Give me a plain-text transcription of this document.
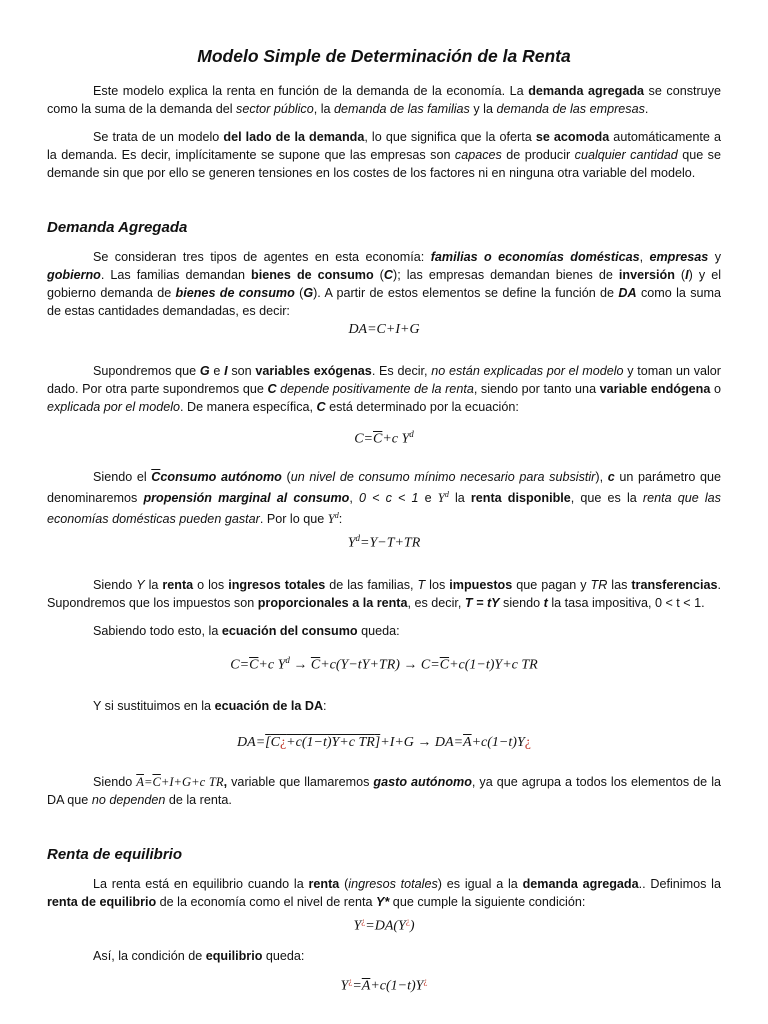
Modelo Simple de Determinación de la Renta

Este modelo explica la renta en función de la demanda de la economía. La demanda agregada se construye como la suma de la demanda del sector público, la demanda de las familias y la demanda de las empresas.

Se trata de un modelo del lado de la demanda, lo que significa que la oferta se acomoda automáticamente a la demanda. Es decir, implícitamente se supone que las empresas son capaces de producir cualquier cantidad que se demande sin que por ello se generen tensiones en los costes de los factores ni en ninguna otra variable del modelo.

Demanda Agregada

Se consideran tres tipos de agentes en esta economía: familias o economías domésticas, empresas y gobierno. Las familias demandan bienes de consumo (C); las empresas demandan bienes de inversión (I) y el gobierno demanda de bienes de consumo (G). A partir de estos elementos se define la función de DA como la suma de estas cantidades demandadas, es decir:

DA=C+I+G

Supondremos que G e I son variables exógenas. Es decir, no están explicadas por el modelo y toman un valor dado. Por otra parte supondremos que C depende positivamente de la renta, siendo por tanto una variable endógena o explicada por el modelo. De manera específica, C está determinado por la ecuación:

$C=\overline{C}+c$ $Y^d$

Siendo el $\overline{C}consumo$ autónomo (un nivel de consumo mínimo necesario para subsistir), c un parámetro que denominaremos propensión marginal al consumo, 0 < c < 1 e $Y^d$ la renta disponible, que es la renta que las economías domésticas pueden gastar. Por lo que $Y^d$:

$Y^d=Y-T+TR$

Siendo Y la renta o los ingresos totales de las familias, T los impuestos que pagan y TR las transferencias. Supondremos que los impuestos son proporcionales a la renta, es decir, T = tY siendo t la tasa impositiva, 0 < t < 1.

Sabiendo todo esto, la ecuación del consumo queda:

$C=\overline{C}+c$ $Y^d \to \overline{C}+c(Y-tY+TR) \to C=\overline{C}+c(1-t)Y+c$ TR

Y si sustituimos en la ecuación de la DA:

DA=[C¿+c(1−t)Y+c $TR]+I+G \to DA=\overline{A}+c(1-t)Y¿$

Siendo $\overline{A}=\overline{C}+I+G+c$ TR, variable que llamaremos gasto autónomo, ya que agrupa a todos los elementos de la DA que no dependen de la renta.

Renta de equilibrio

La renta está en equilibrio cuando la renta (ingresos totales) es igual a la demanda agregada.. Definimos la renta de equilibrio de la economía como el nivel de renta Y* que cumple la siguiente condición:

Y¿=DA(Y¿)

Así, la condición de equilibrio queda:

$Y^¿=\overline{A}+c(1-t)Y^¿$
